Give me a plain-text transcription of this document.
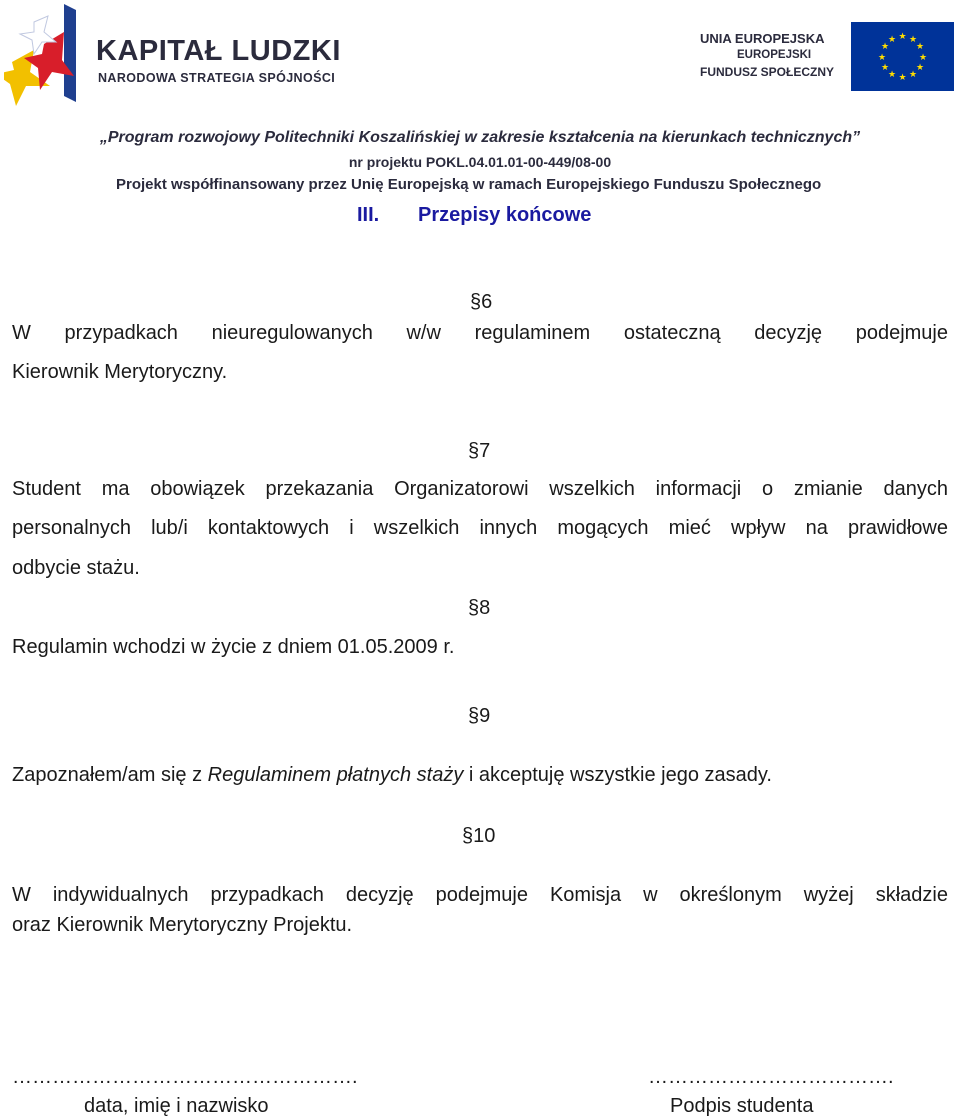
KAPITAŁ LUDZKI
NARODOWA STRATEGIA SPÓJNOŚCI
UNIA EUROPEJSKA
EUROPEJSKI
FUNDUSZ SPOŁECZNY
★ ★
★
★
★
★
★
★
★
★
★
★
„Program rozwojowy Politechniki Koszalińskiej w zakresie kształcenia na kierunkach technicznych”
nr projektu POKL.04.01.01-00-449/08-00
Projekt współfinansowany przez Unię Europejską w ramach Europejskiego Funduszu Społecznego
III. Przepisy końcowe
§6
W przypadkach nieuregulowanych w/w regulaminem ostateczną decyzję podejmuje
Kierownik Merytoryczny.
§7
Student ma obowiązek przekazania Organizatorowi wszelkich informacji o zmianie danych
personalnych lub/i kontaktowych i wszelkich innych mogących mieć wpływ na prawidłowe
odbycie stażu.
§8
Regulamin wchodzi w życie z dniem 01.05.2009 r.
§9
Zapoznałem/am się z Regulaminem płatnych staży i akceptuję wszystkie jego zasady.
§10
W indywidualnych przypadkach decyzję podejmuje Komisja w określonym wyżej składzie
oraz Kierownik Merytoryczny Projektu.
…………………………………………….	……………………………….
data, imię i nazwisko	Podpis studenta
